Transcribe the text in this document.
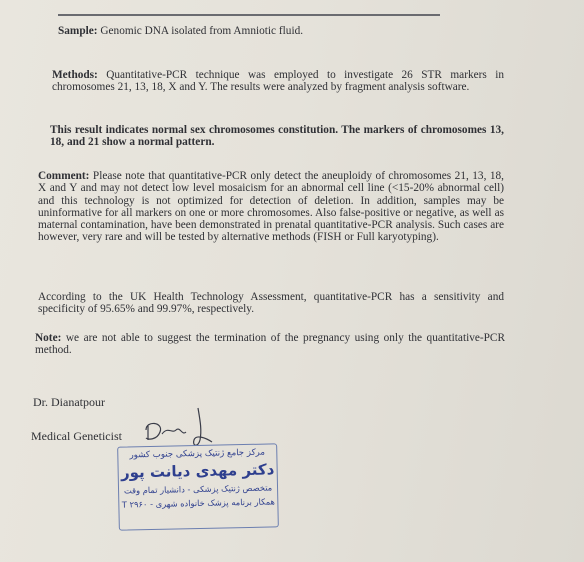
Sample: Genomic DNA isolated from Amniotic fluid.

Methods: Quantitative-PCR technique was employed to investigate 26 STR markers in chromosomes 21, 13, 18, X and Y. The results were analyzed by fragment analysis software.

This result indicates normal sex chromosomes constitution. The markers of chromosomes 13, 18, and 21 show a normal pattern.

Comment: Please note that quantitative-PCR only detect the aneuploidy of chromosomes 21, 13, 18, X and Y and may not detect low level mosaicism for an abnormal cell line (<15-20% abnormal cell) and this technology is not optimized for detection of deletion. In addition, samples may be uninformative for all markers on one or more chromosomes. Also false-positive or negative, as well as maternal contamination, have been demonstrated in prenatal quantitative-PCR analysis. Such cases are however, very rare and will be tested by alternative methods (FISH or Full karyotyping).

According to the UK Health Technology Assessment, quantitative-PCR has a sensitivity and specificity of 95.65% and 99.97%, respectively.

Note: we are not able to suggest the termination of the pregnancy using only the quantitative-PCR method.

Dr. Dianatpour
Medical Geneticist
مرکز جامع ژنتیک پزشکی جنوب کشور
دکتر مهدی دیانت پور
متخصص ژنتیک پزشکی - دانشیار تمام وقت
همکار برنامه پزشک خانواده شهری - ۲۹۶۰ T
